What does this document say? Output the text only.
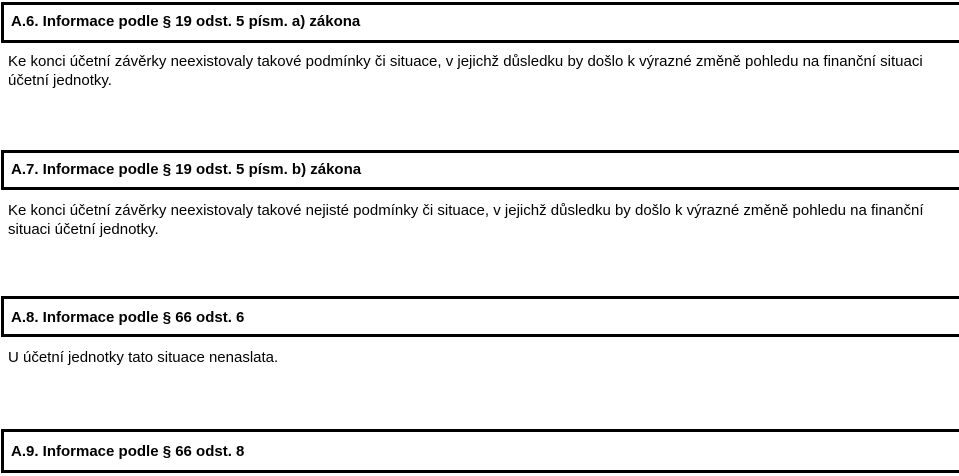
A.6. Informace podle § 19 odst. 5 písm. a) zákona
Ke konci účetní závěrky neexistovaly takové podmínky či situace, v jejichž důsledku by došlo k výrazné změně pohledu na finanční situaci účetní jednotky.
A.7. Informace podle § 19 odst. 5 písm. b) zákona
Ke konci účetní závěrky neexistovaly takové nejisté podmínky či situace, v jejichž důsledku by došlo k výrazné změně pohledu na finanční situaci účetní jednotky.
A.8. Informace podle § 66 odst. 6
U účetní jednotky tato situace nenaslata.
A.9. Informace podle § 66 odst. 8
